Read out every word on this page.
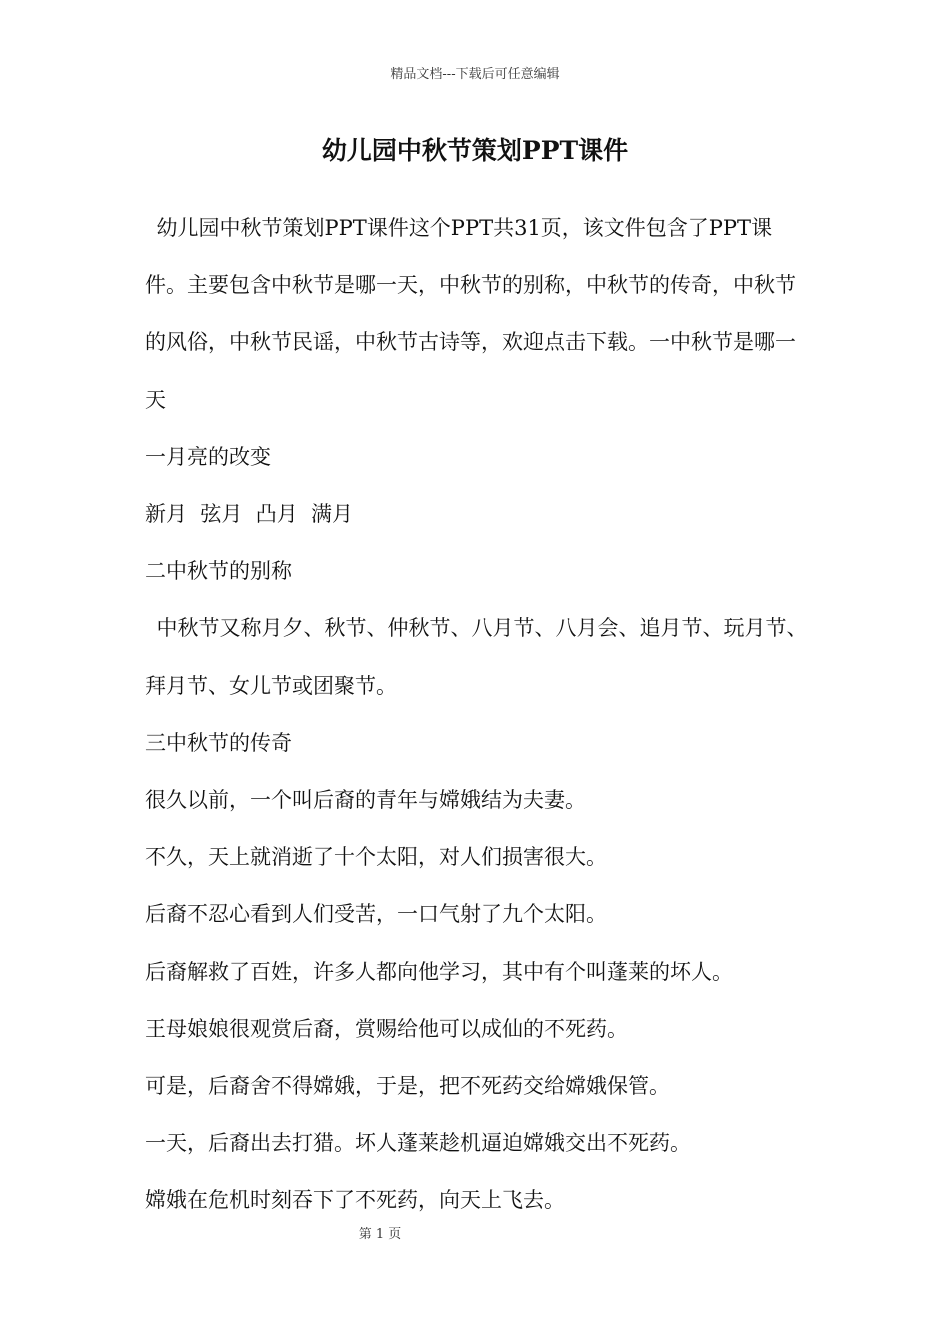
精品文档---下载后可任意编辑
幼儿园中秋节策划PPT课件

幼儿园中秋节策划PPT课件这个PPT共31页，该文件包含了PPT课件。主要包含中秋节是哪一天，中秋节的别称，中秋节的传奇，中秋节的风俗，中秋节民谣，中秋节古诗等，欢迎点击下载。一中秋节是哪一天

一月亮的改变

新月  弦月  凸月  满月

二中秋节的别称

中秋节又称月夕、秋节、仲秋节、八月节、八月会、追月节、玩月节、拜月节、女儿节或团聚节。

三中秋节的传奇

很久以前，一个叫后裔的青年与嫦娥结为夫妻。

不久，天上就消逝了十个太阳，对人们损害很大。

后裔不忍心看到人们受苦，一口气射了九个太阳。

后裔解救了百姓，许多人都向他学习，其中有个叫蓬莱的坏人。

王母娘娘很观赏后裔，赏赐给他可以成仙的不死药。

可是，后裔舍不得嫦娥，于是，把不死药交给嫦娥保管。

一天，后裔出去打猎。坏人蓬莱趁机逼迫嫦娥交出不死药。

嫦娥在危机时刻吞下了不死药，向天上飞去。

第 1 页
